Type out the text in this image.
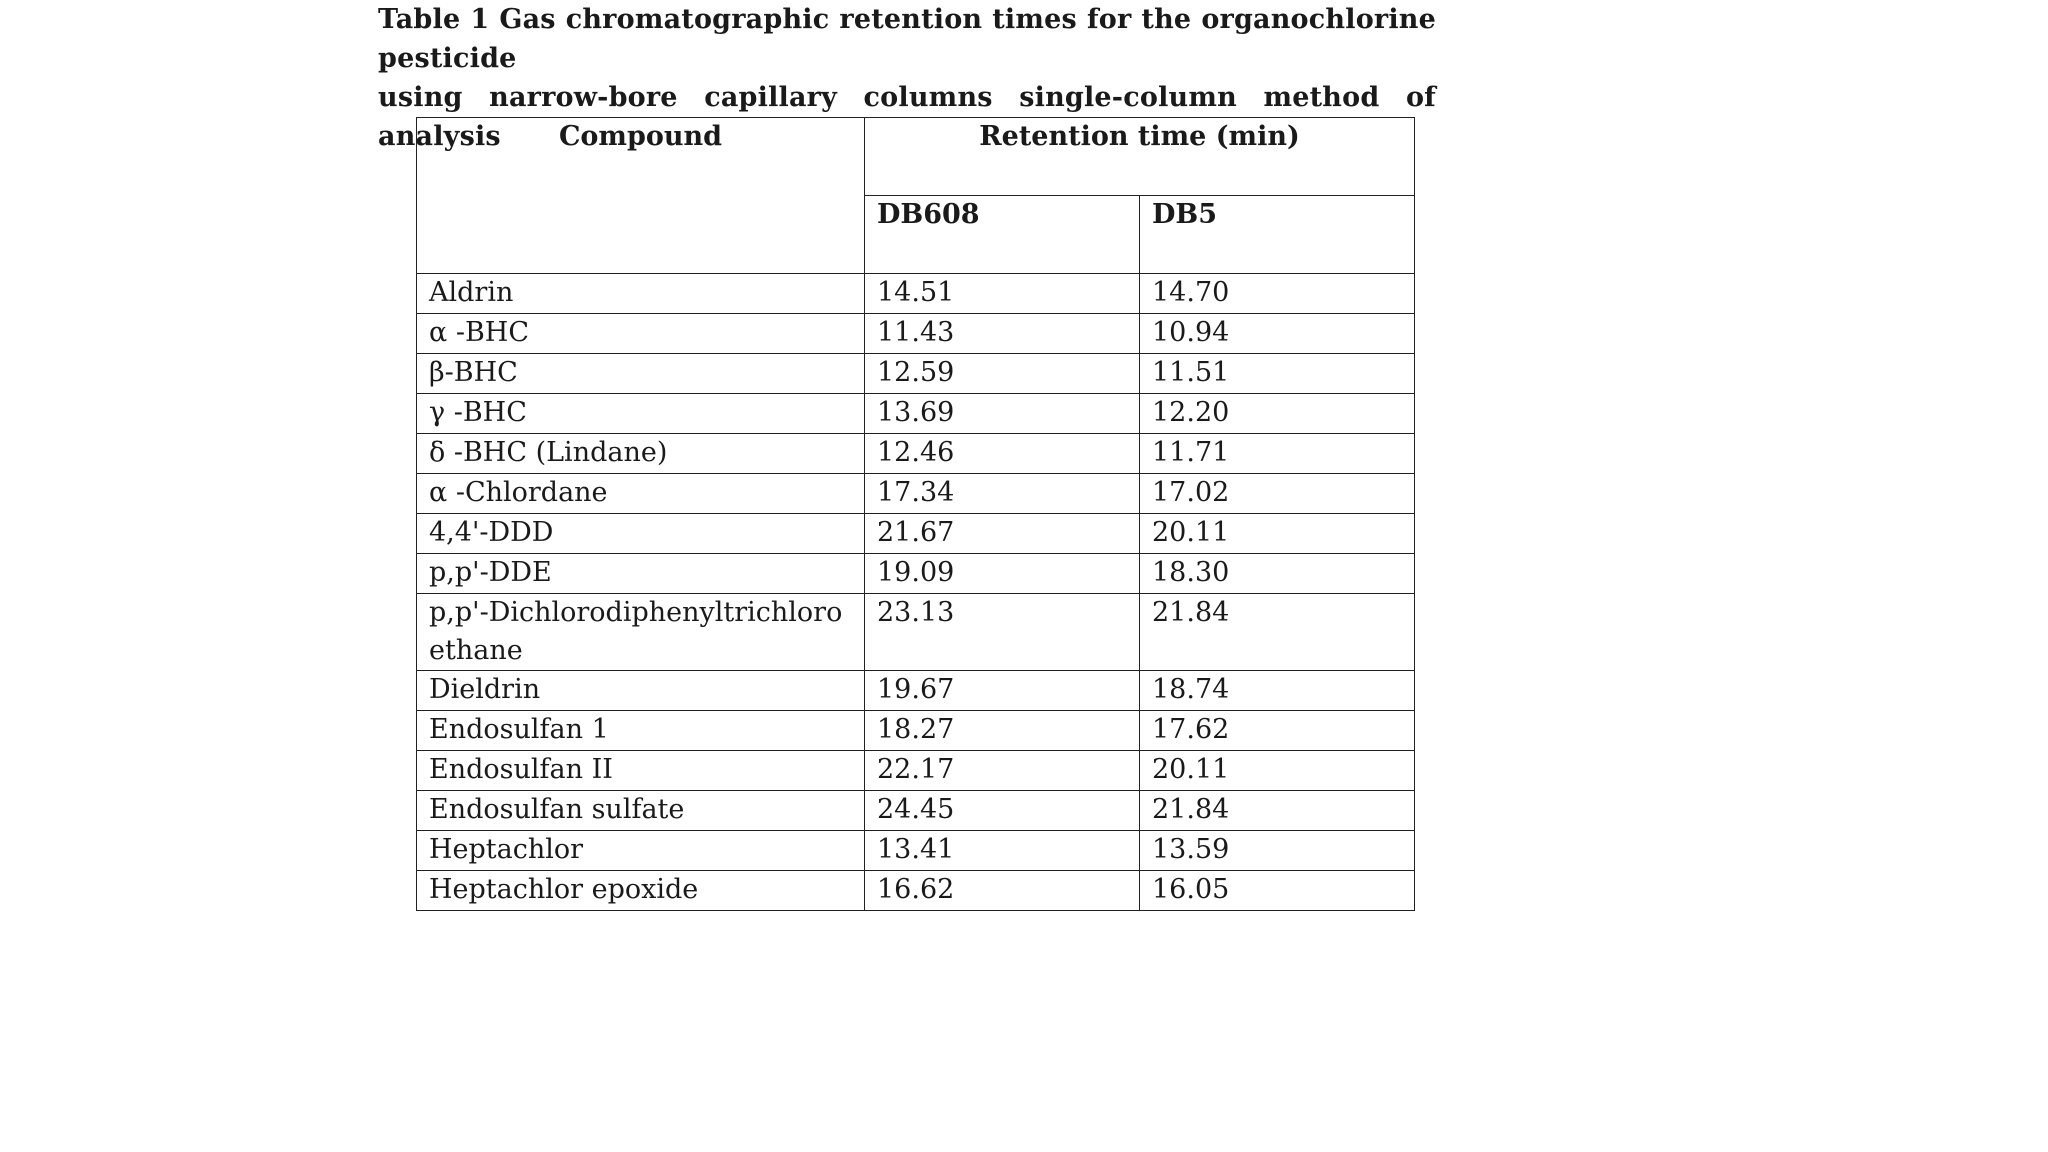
Table 1 Gas chromatographic retention times for the organochlorine pesticide
using narrow-bore capillary columns single-column method of analysis	Compound	Retention time (min)	
	DB608	DB5
Aldrin	14.51	14.70
α -BHC	11.43	10.94
β-BHC	12.59	11.51
γ -BHC	13.69	12.20
δ -BHC (Lindane)	12.46	11.71
α -Chlordane	17.34	17.02
4,4'-DDD	21.67	20.11
p,p'-DDE	19.09	18.30
p,p'-Dichlorodiphenyltrichloroethane	23.13	21.84
Dieldrin	19.67	18.74
Endosulfan 1	18.27	17.62
Endosulfan II	22.17	20.11
Endosulfan sulfate	24.45	21.84
Heptachlor	13.41	13.59
Heptachlor epoxide	16.62	16.05
